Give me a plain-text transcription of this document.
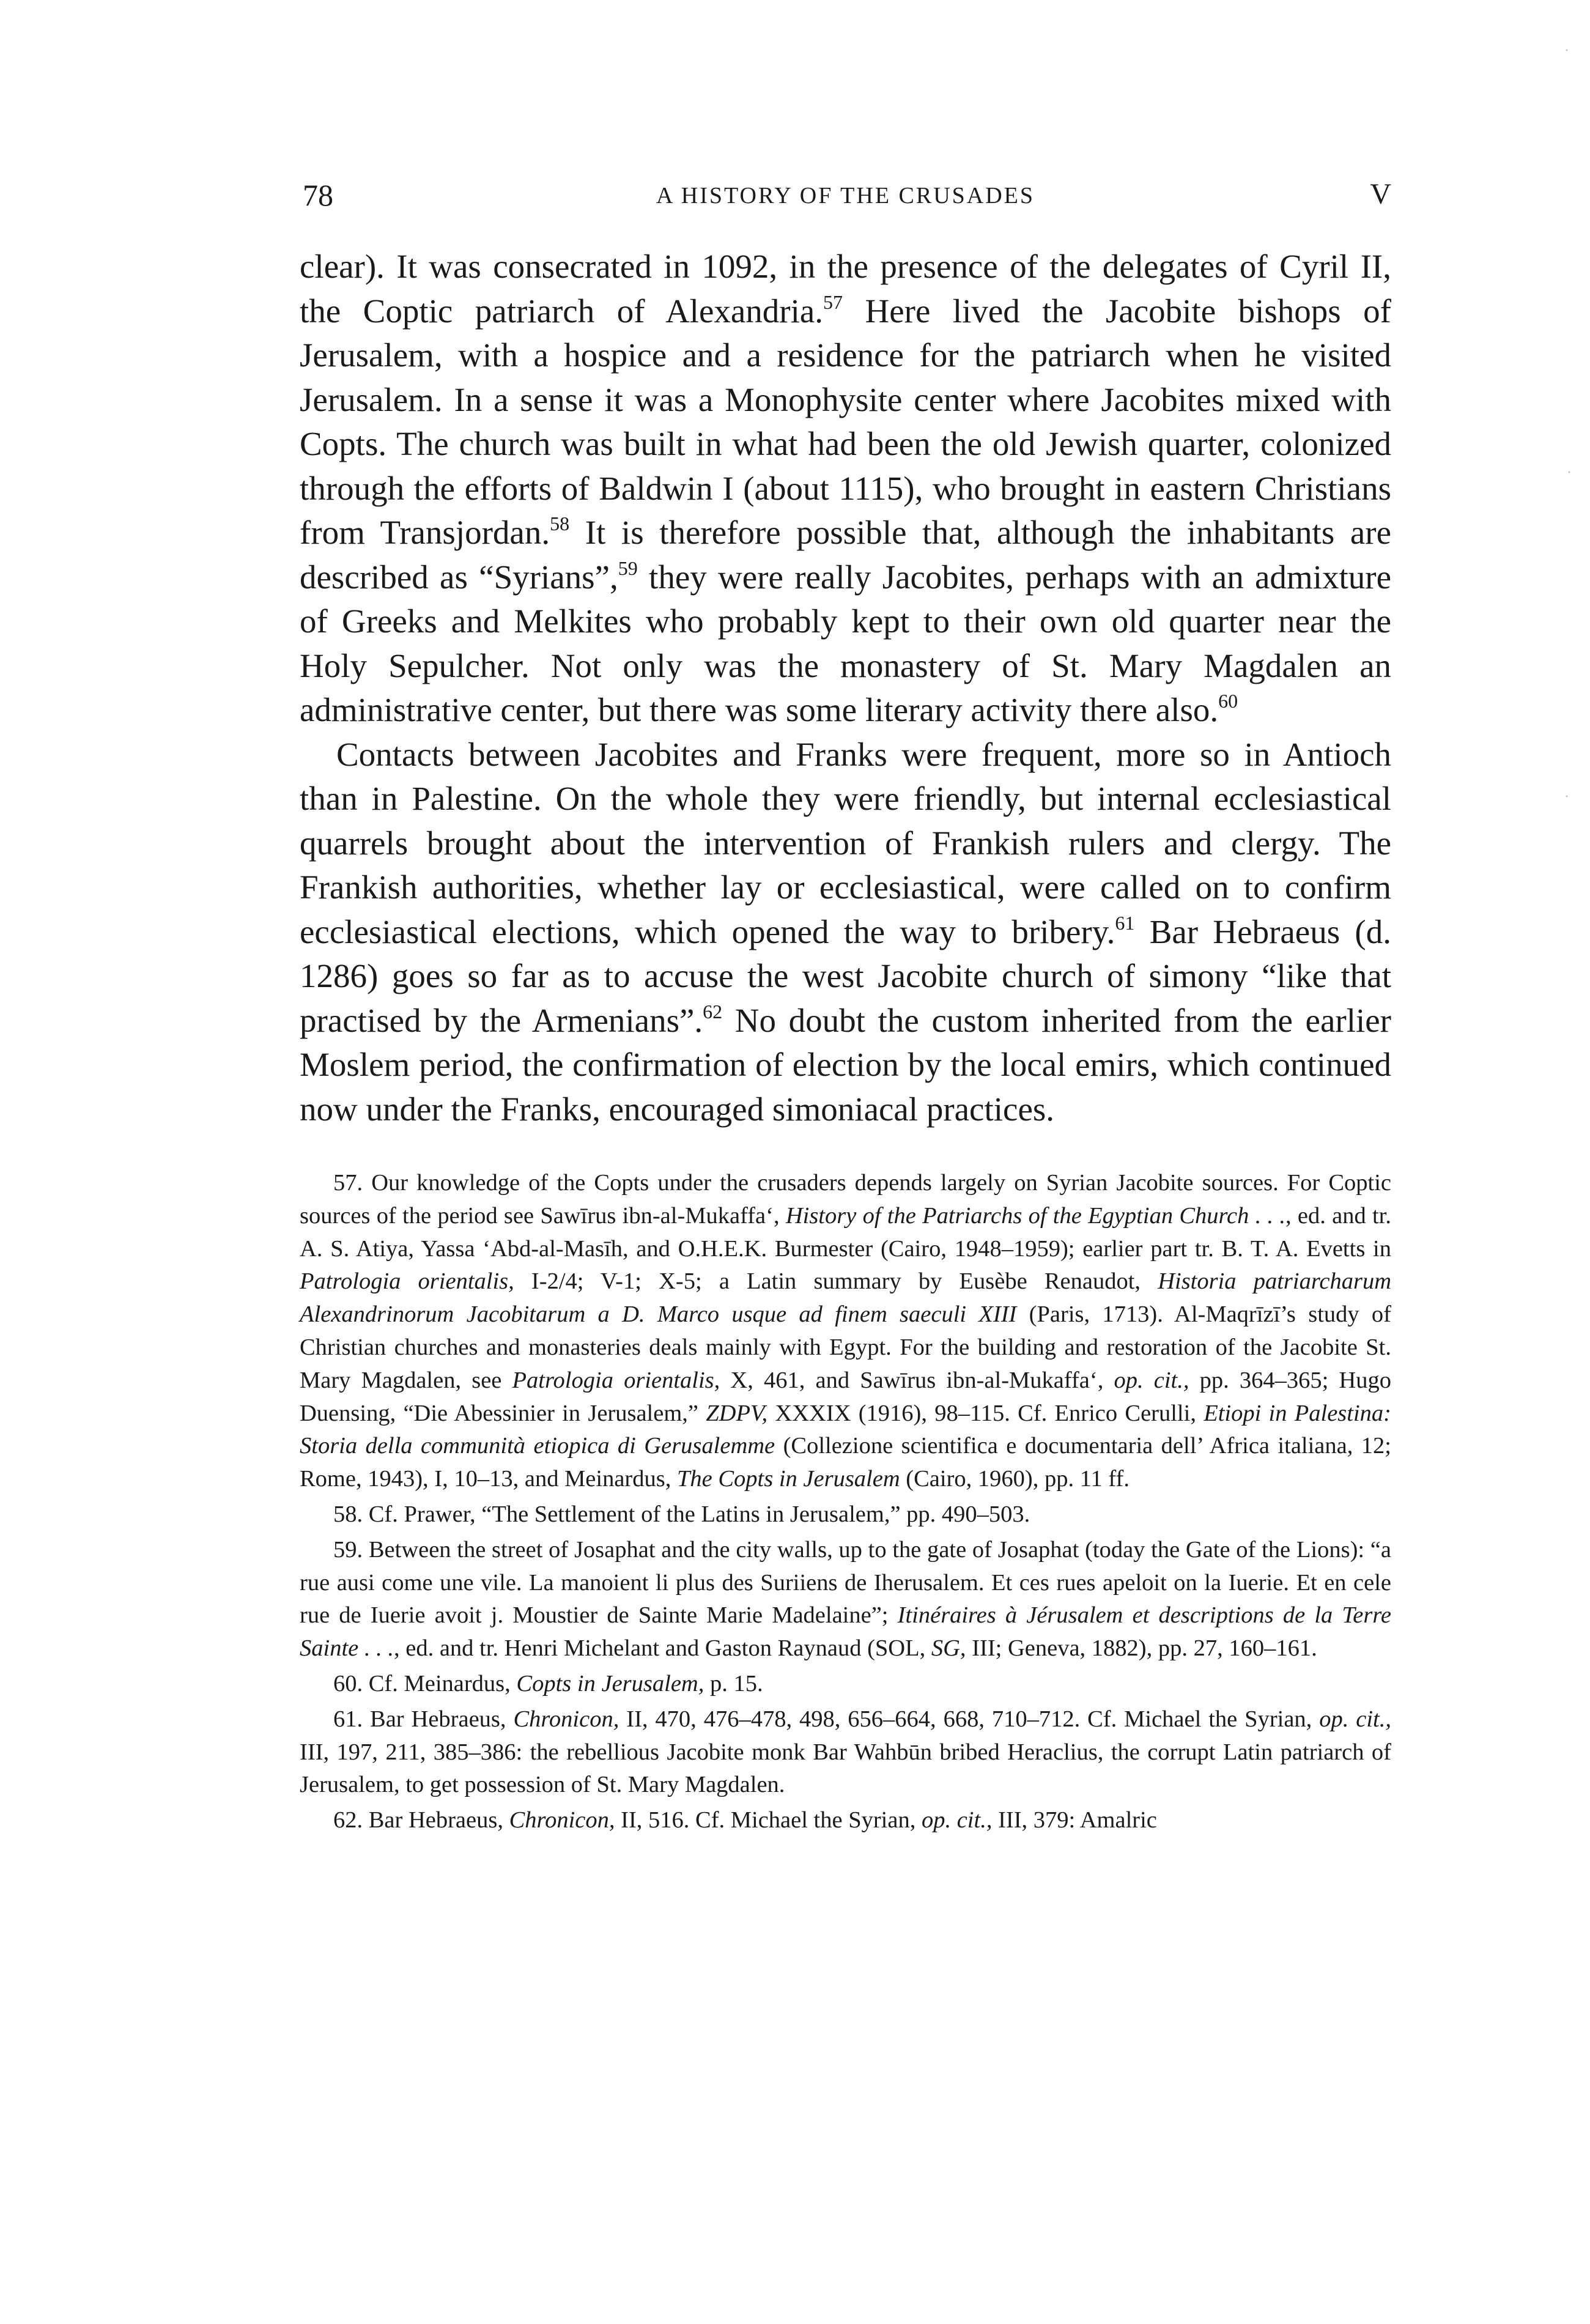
78	A HISTORY OF THE CRUSADES	V

clear). It was consecrated in 1092, in the presence of the delegates of Cyril II, the Coptic patriarch of Alexandria.$^{57}$ Here lived the Jacobite bishops of Jerusalem, with a hospice and a residence for the patriarch when he visited Jerusalem. In a sense it was a Monophysite center where Jacobites mixed with Copts. The church was built in what had been the old Jewish quarter, colonized through the efforts of Baldwin I (about 1115), who brought in eastern Christians from Transjordan.$^{58}$ It is therefore possible that, although the inhabitants are described as “Syrians”,$^{59}$ they were really Jacobites, perhaps with an admixture of Greeks and Melkites who probably kept to their own old quarter near the Holy Sepulcher. Not only was the monastery of St. Mary Magdalen an administrative center, but there was some literary activity there also.$^{60}$

Contacts between Jacobites and Franks were frequent, more so in Antioch than in Palestine. On the whole they were friendly, but internal ecclesiastical quarrels brought about the intervention of Frankish rulers and clergy. The Frankish authorities, whether lay or ecclesiastical, were called on to confirm ecclesiastical elections, which opened the way to bribery.$^{61}$ Bar Hebraeus (d. 1286) goes so far as to accuse the west Jacobite church of simony “like that practised by the Armenians”.$^{62}$ No doubt the custom inherited from the earlier Moslem period, the confirmation of election by the local emirs, which continued now under the Franks, encouraged simoniacal practices.

57. Our knowledge of the Copts under the crusaders depends largely on Syrian Jacobite sources. For Coptic sources of the period see Sawīrus ibn-al-Mukaffa‘, History of the Patriarchs of the Egyptian Church . . ., ed. and tr. A. S. Atiya, Yassa ‘Abd-al-Masīh, and O.H.E.K. Burmester (Cairo, 1948–1959); earlier part tr. B. T. A. Evetts in Patrologia orientalis, I-2/4; V-1; X-5; a Latin summary by Eusèbe Renaudot, Historia patriarcharum Alexandrinorum Jacobitarum a D. Marco usque ad finem saeculi XIII (Paris, 1713). Al-Maqrīzī’s study of Christian churches and monasteries deals mainly with Egypt. For the building and restoration of the Jacobite St. Mary Magdalen, see Patrologia orientalis, X, 461, and Sawīrus ibn-al-Mukaffa‘, op. cit., pp. 364–365; Hugo Duensing, “Die Abessinier in Jerusalem,” ZDPV, XXXIX (1916), 98–115. Cf. Enrico Cerulli, Etiopi in Palestina: Storia della communità etiopica di Gerusalemme (Collezione scientifica e documentaria dell’ Africa italiana, 12; Rome, 1943), I, 10–13, and Meinardus, The Copts in Jerusalem (Cairo, 1960), pp. 11 ff.

58. Cf. Prawer, “The Settlement of the Latins in Jerusalem,” pp. 490–503.

59. Between the street of Josaphat and the city walls, up to the gate of Josaphat (today the Gate of the Lions): “a rue ausi come une vile. La manoient li plus des Suriiens de Iherusalem. Et ces rues apeloit on la Iuerie. Et en cele rue de Iuerie avoit j. Moustier de Sainte Marie Madelaine”; Itinéraires à Jérusalem et descriptions de la Terre Sainte . . ., ed. and tr. Henri Michelant and Gaston Raynaud (SOL, SG, III; Geneva, 1882), pp. 27, 160–161.

60. Cf. Meinardus, Copts in Jerusalem, p. 15.

61. Bar Hebraeus, Chronicon, II, 470, 476–478, 498, 656–664, 668, 710–712. Cf. Michael the Syrian, op. cit., III, 197, 211, 385–386: the rebellious Jacobite monk Bar Wahbūn bribed Heraclius, the corrupt Latin patriarch of Jerusalem, to get possession of St. Mary Magdalen.

62. Bar Hebraeus, Chronicon, II, 516. Cf. Michael the Syrian, op. cit., III, 379: Amalric

·
·
·
